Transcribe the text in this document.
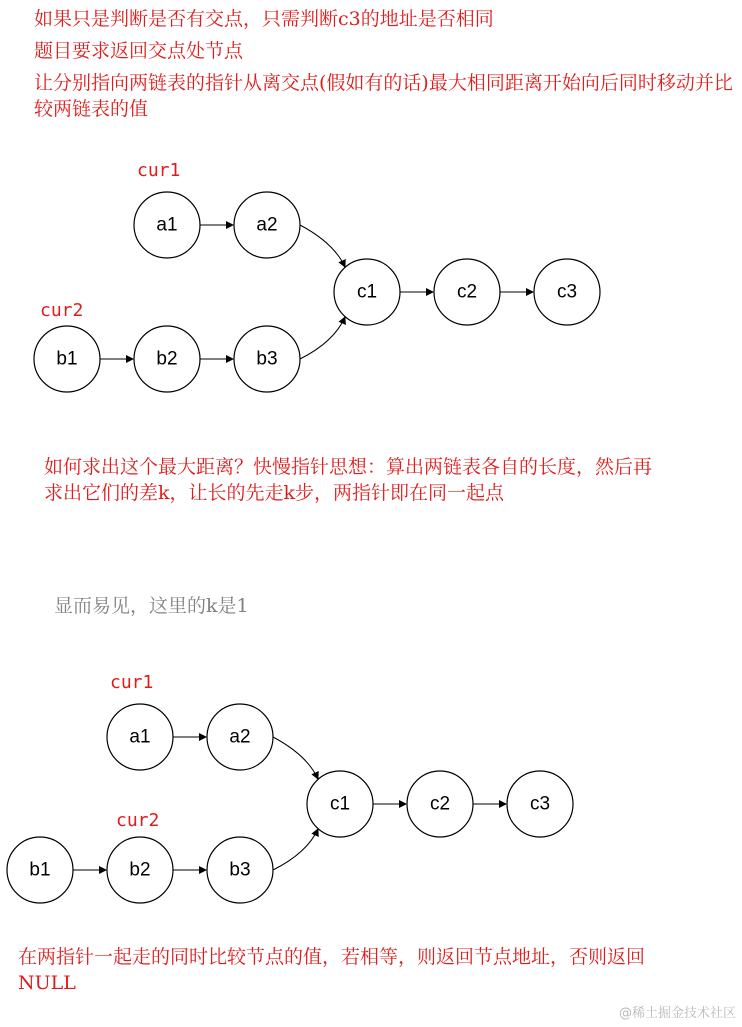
如果只是判断是否有交点，只需判断c3的地址是否相同

题目要求返回交点处节点

让分别指向两链表的指针从离交点(假如有的话)最大相同距离开始向后同时移动并比较两链表的值

cur1
cur2
a1	a2
b1	b2	b3
c1	c2	c3

如何求出这个最大距离？快慢指针思想：算出两链表各自的长度，然后再求出它们的差k，让长的先走k步，两指针即在同一起点

显而易见，这里的k是1

cur1
cur2
a1	a2
b1	b2	b3
c1	c2	c3

在两指针一起走的同时比较节点的值，若相等，则返回节点地址，否则返回NULL

@稀土掘金技术社区
